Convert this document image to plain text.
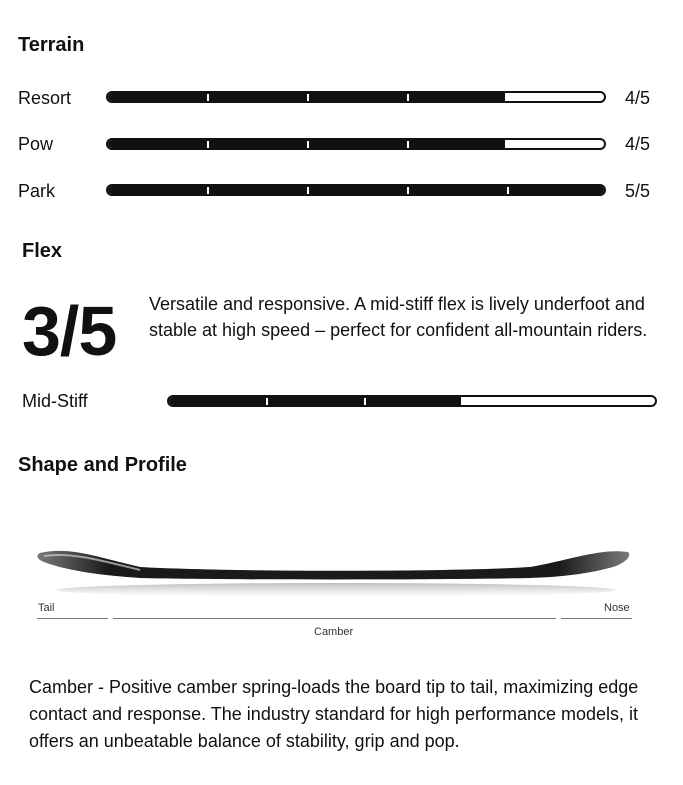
Terrain
Resort	4/5
Pow	4/5
Park	5/5
Flex
3/5 Versatile and responsive. A mid-stiff flex is lively underfoot and stable at high speed – perfect for confident all-mountain riders.
Mid-Stiff
Shape and Profile
Tail	Nose
Camber
Camber - Positive camber spring-loads the board tip to tail, maximizing edge contact and response. The industry standard for high performance models, it offers an unbeatable balance of stability, grip and pop.
